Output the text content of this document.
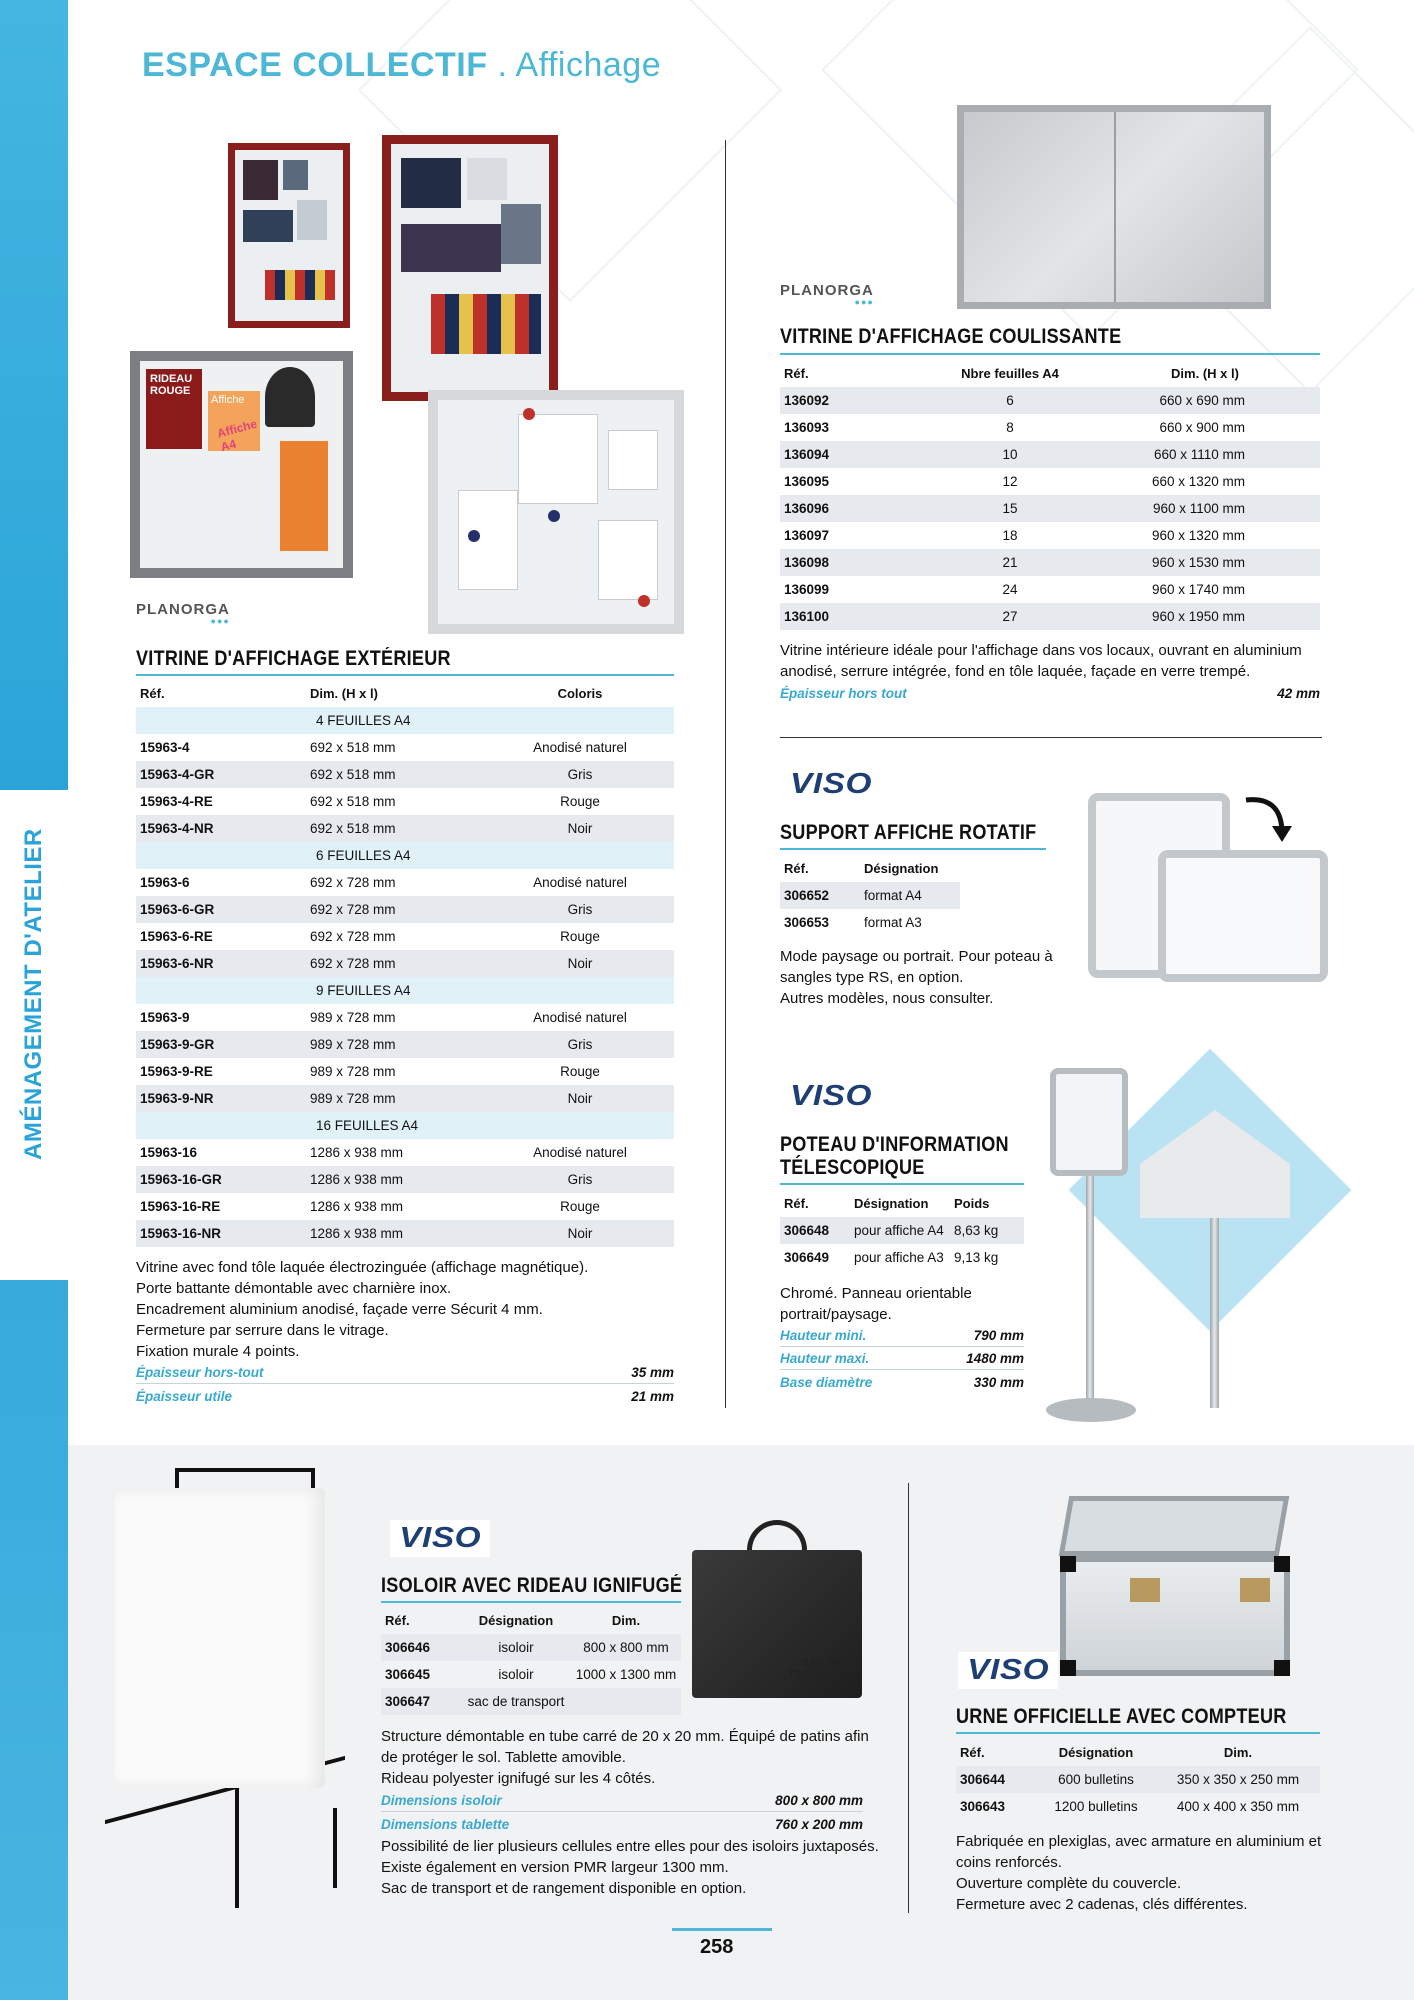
AMÉNAGEMENT D'ATELIER
ESPACE COLLECTIF . Affichage
RIDEAU ROUGE
Affiche
Affiche A4
PLANORGA
●●●
VITRINE D'AFFICHAGE EXTÉRIEUR
Réf.	Dim. (H x l)	Coloris
4 FEUILLES A4		
15963-4	692 x 518 mm	Anodisé naturel
15963-4-GR	692 x 518 mm	Gris
15963-4-RE	692 x 518 mm	Rouge
15963-4-NR	692 x 518 mm	Noir
6 FEUILLES A4		
15963-6	692 x 728 mm	Anodisé naturel
15963-6-GR	692 x 728 mm	Gris
15963-6-RE	692 x 728 mm	Rouge
15963-6-NR	692 x 728 mm	Noir
9 FEUILLES A4		
15963-9	989 x 728 mm	Anodisé naturel
15963-9-GR	989 x 728 mm	Gris
15963-9-RE	989 x 728 mm	Rouge
15963-9-NR	989 x 728 mm	Noir
16 FEUILLES A4		
15963-16	1286 x 938 mm	Anodisé naturel
15963-16-GR	1286 x 938 mm	Gris
15963-16-RE	1286 x 938 mm	Rouge
15963-16-NR	1286 x 938 mm	Noir
Vitrine avec fond tôle laquée électrozinguée (affichage magnétique).
Porte battante démontable avec charnière inox.
Encadrement aluminium anodisé, façade verre Sécurit 4 mm.
Fermeture par serrure dans le vitrage.
Fixation murale 4 points.
Épaisseur hors-tout	35 mm
Épaisseur utile	21 mm
PLANORGA
●●●
VITRINE D'AFFICHAGE COULISSANTE
Réf.	Nbre feuilles A4	Dim. (H x l)
136092	6	660 x 690 mm
136093	8	660 x 900 mm
136094	10	660 x 1110 mm
136095	12	660 x 1320 mm
136096	15	960 x 1100 mm
136097	18	960 x 1320 mm
136098	21	960 x 1530 mm
136099	24	960 x 1740 mm
136100	27	960 x 1950 mm
Vitrine intérieure idéale pour l'affichage dans vos locaux, ouvrant en aluminium
anodisé, serrure intégrée, fond en tôle laquée, façade en verre trempé.
Épaisseur hors tout	42 mm
VISO
SUPPORT AFFICHE ROTATIF
Réf.	Désignation
306652	format A4
306653	format A3
Mode paysage ou portrait. Pour poteau à
sangles type RS, en option.
Autres modèles, nous consulter.
VISO
POTEAU D'INFORMATION
TÉLESCOPIQUE
Réf.	Désignation	Poids
306648	pour affiche A4	8,63 kg
306649	pour affiche A3	9,13 kg
Chromé. Panneau orientable
portrait/paysage.
Hauteur mini.	790 mm
Hauteur maxi.	1480 mm
Base diamètre	330 mm
VISO
ISOLOIR AVEC RIDEAU IGNIFUGÉ
Réf.	Désignation	Dim.
306646	isoloir	800 x 800 mm
306645	isoloir	1000 x 1300 mm
306647	sac de transport	
SAC DE
TRANSPORT
Structure démontable en tube carré de 20 x 20 mm. Équipé de patins afin
de protéger le sol. Tablette amovible.
Rideau polyester ignifugé sur les 4 côtés.
Dimensions isoloir	800 x 800 mm
Dimensions tablette	760 x 200 mm
Possibilité de lier plusieurs cellules entre elles pour des isoloirs juxtaposés.
Existe également en version PMR largeur 1300 mm.
Sac de transport et de rangement disponible en option.
VISO
URNE OFFICIELLE AVEC COMPTEUR
Réf.	Désignation	Dim.
306644	600 bulletins	350 x 350 x 250 mm
306643	1200 bulletins	400 x 400 x 350 mm
Fabriquée en plexiglas, avec armature en aluminium et
coins renforcés.
Ouverture complète du couvercle.
Fermeture avec 2 cadenas, clés différentes.
258
